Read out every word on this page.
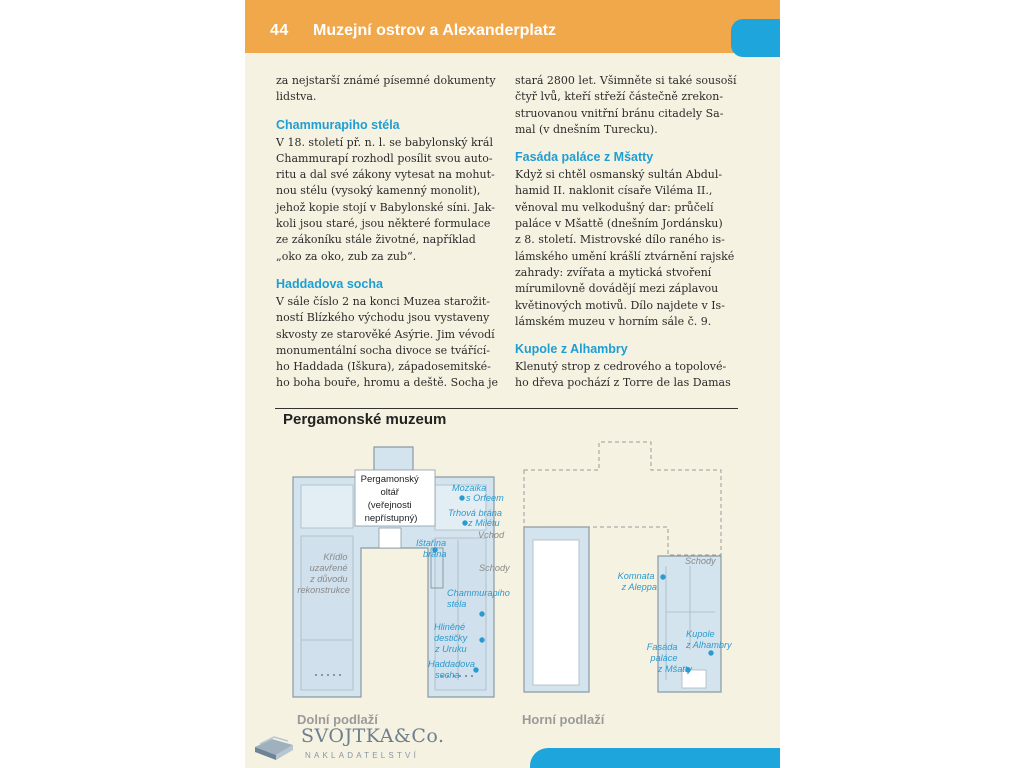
44 Muzejní ostrov a Alexanderplatz

za nejstarší známé písemné dokumenty
lidstva.

Chammurapiho stéla

V 18. století př. n. l. se babylonský král
Chammurapí rozhodl posílit svou auto-
ritu a dal své zákony vytesat na mohut-
nou stélu (vysoký kamenný monolit),
jehož kopie stojí v Babylonské síni. Jak-
koli jsou staré, jsou některé formulace
ze zákoníku stále životné, například
„oko za oko, zub za zub“.

Haddadova socha

V sále číslo 2 na konci Muzea starožit-
ností Blízkého východu jsou vystaveny
skvosty ze starověké Asýrie. Jim vévodí
monumentální socha divoce se tvářící-
ho Haddada (Iškura), západosemitské-
ho boha bouře, hromu a deště. Socha je

stará 2800 let. Všimněte si také sousoší
čtyř lvů, kteří střeží částečně zrekon-
struovanou vnitřní bránu citadely Sa-
mal (v dnešním Turecku).

Fasáda paláce z Mšatty

Když si chtěl osmanský sultán Abdul-
hamid II. naklonit císaře Viléma II.,
věnoval mu velkodušný dar: průčelí
paláce v Mšattě (dnešním Jordánsku)
z 8. století. Mistrovské dílo raného is-
lámského umění krášlí ztvárnění rajské
zahrady: zvířata a mytická stvoření
mírumilovně dovádějí mezi záplavou
květinových motivů. Dílo najdete v Is-
lámském muzeu v horním sále č. 9.

Kupole z Alhambry

Klenutý strop z cedrového a topolové-
ho dřeva pochází z Torre de las Damas

Pergamonské muzeum
Pergamonský oltář (veřejnosti nepřístupný)
Křídlo uzavřené z důvodu rekonstrukce
Mozaika s Orfeem
Trhová brána z Milétu
Vchod
Ištařina brána
Schody
Chammurapiho stéla
Hliněné destičky z Uruku
Haddadova socha
Schody
Komnata z Aleppa
Kupole z Alhambry
Fasáda paláce z Mšatty
Dolní podlaží	Horní podlaží
SVOJTKA&Co.
NAKLADATELSTVÍ
